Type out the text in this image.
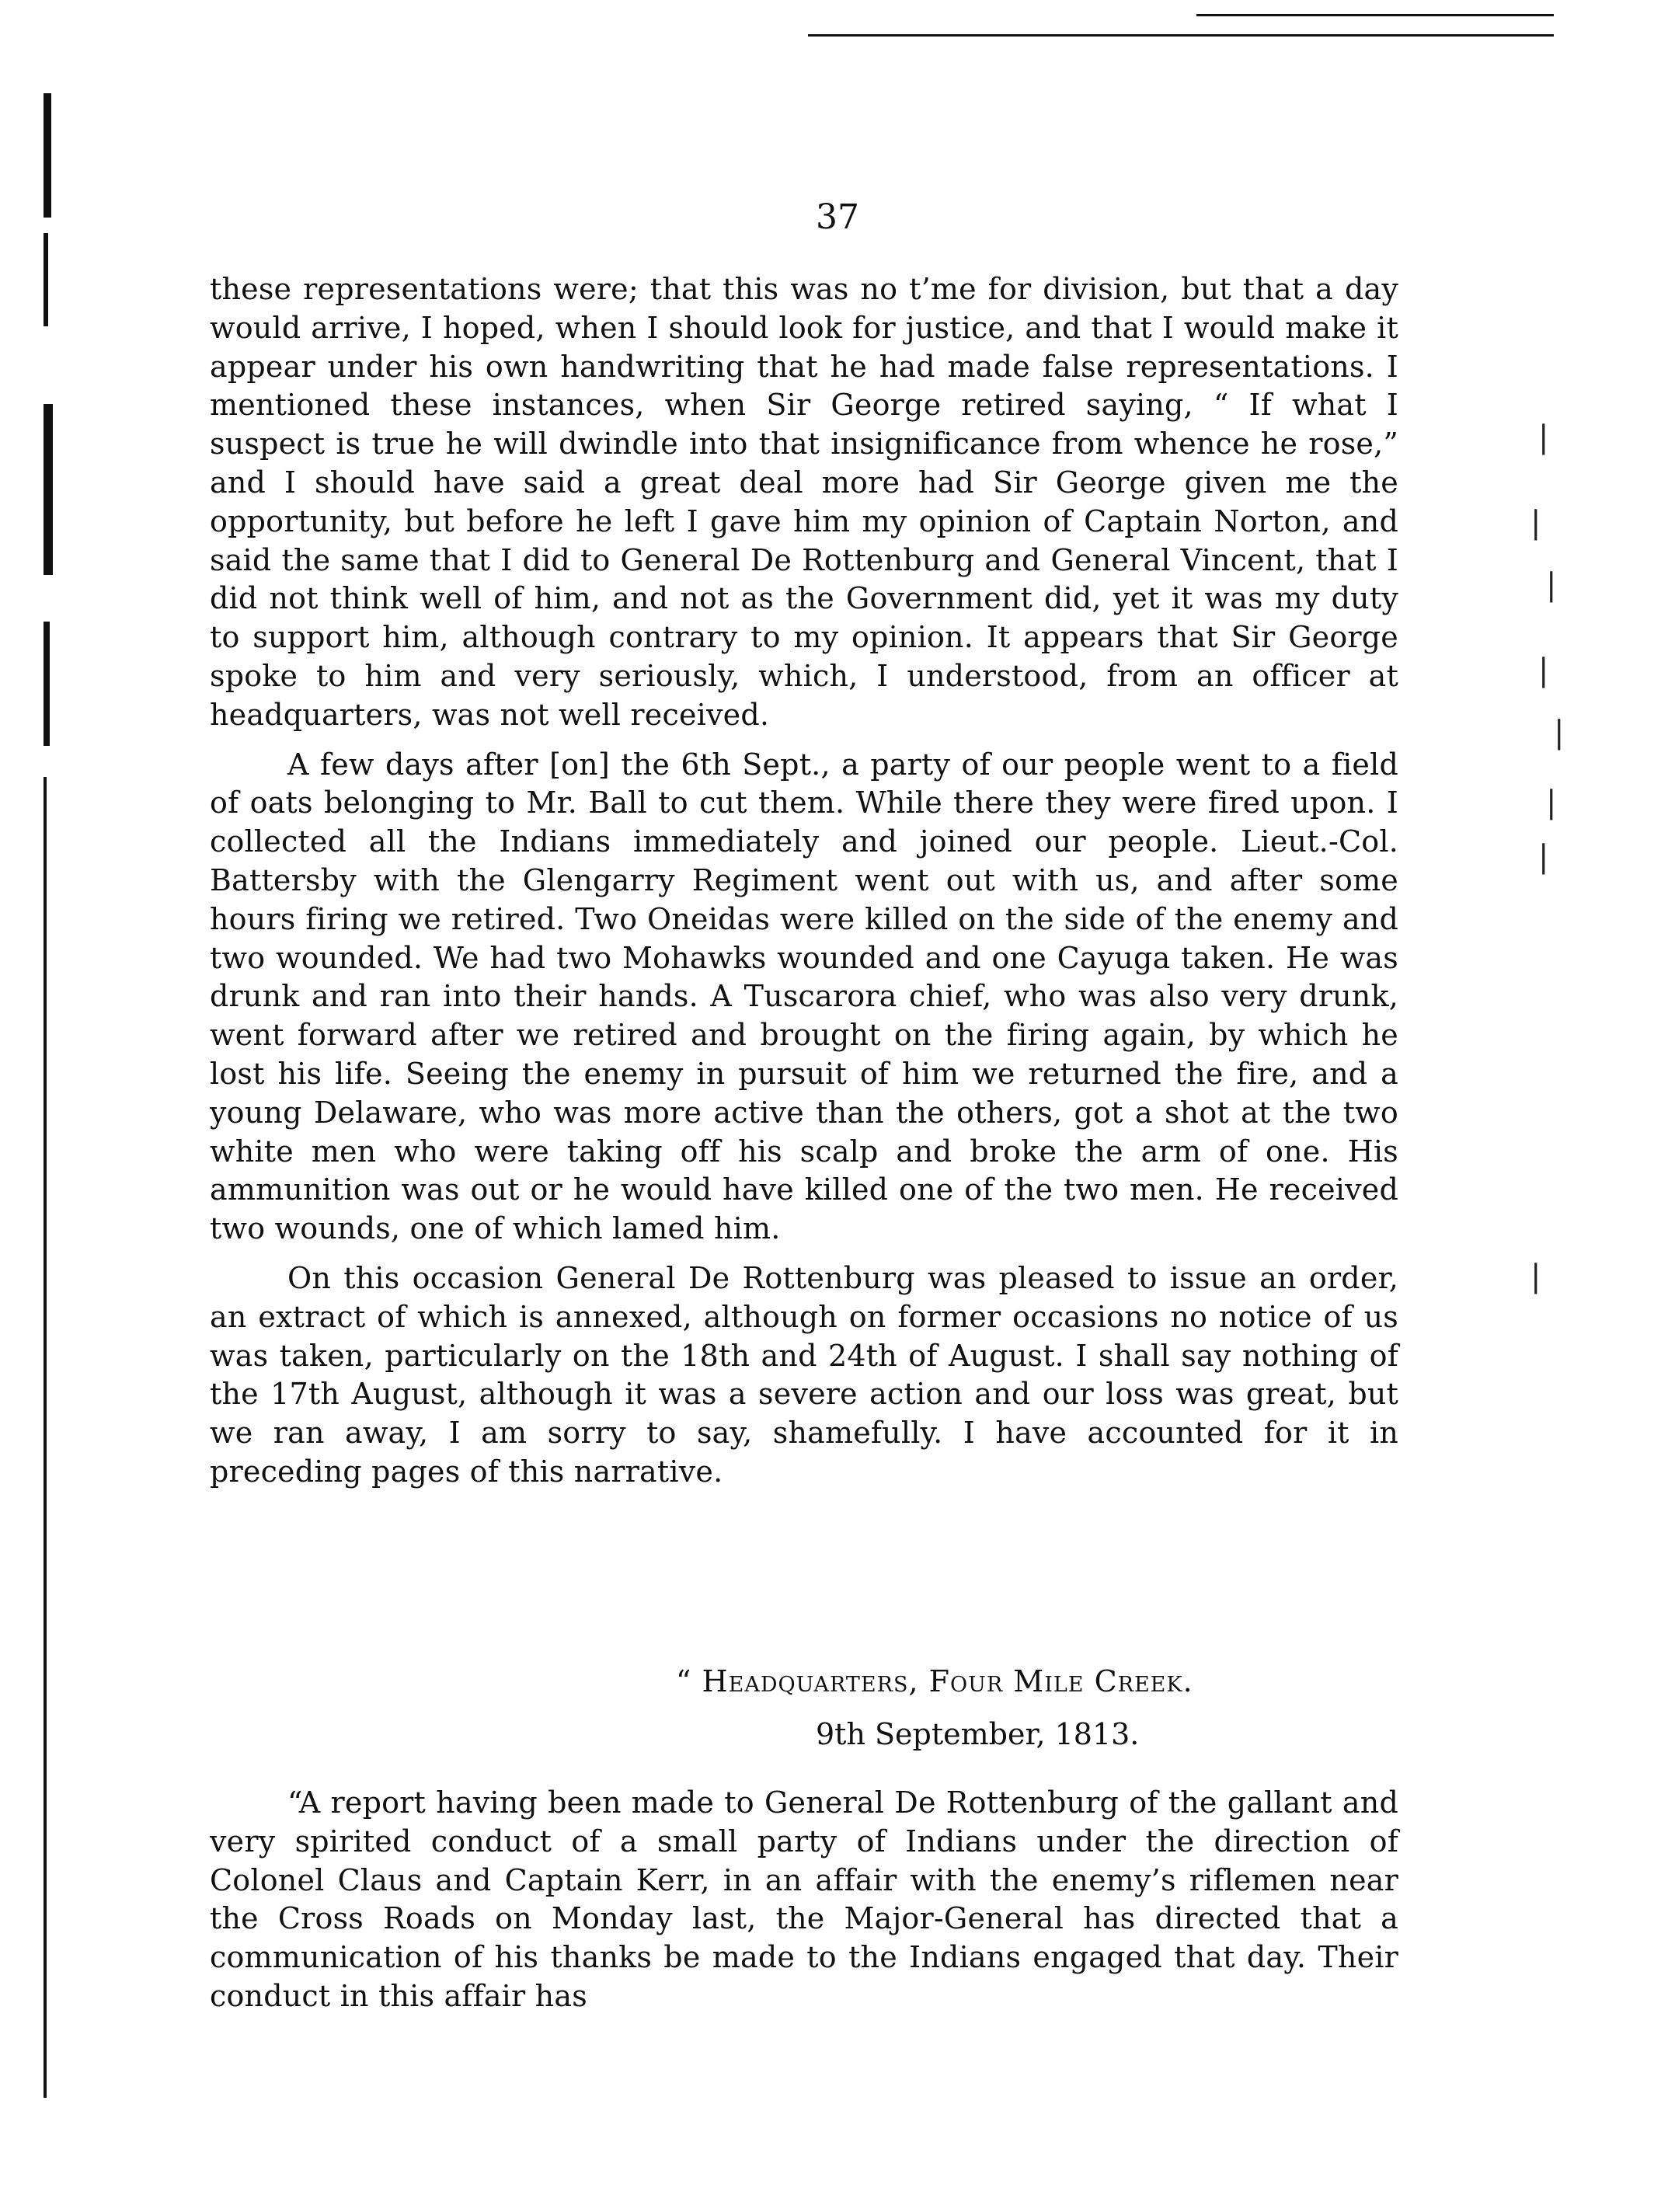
|
|
|
|
|
|
|
|
37

these representations were; that this was no t’me for division, but that a day would arrive, I hoped, when I should look for justice, and that I would make it appear under his own handwriting that he had made false representations. I mentioned these instances, when Sir George retired saying, “ If what I suspect is true he will dwindle into that insignificance from whence he rose,” and I should have said a great deal more had Sir George given me the opportunity, but before he left I gave him my opinion of Captain Norton, and said the same that I did to General De Rottenburg and General Vincent, that I did not think well of him, and not as the Government did, yet it was my duty to support him, although contrary to my opinion. It appears that Sir George spoke to him and very seriously, which, I understood, from an officer at headquarters, was not well received.

A few days after [on] the 6th Sept., a party of our people went to a field of oats belonging to Mr. Ball to cut them. While there they were fired upon. I collected all the Indians immediately and joined our people. Lieut.-Col. Battersby with the Glengarry Regiment went out with us, and after some hours firing we retired. Two Oneidas were killed on the side of the enemy and two wounded. We had two Mohawks wounded and one Cayuga taken. He was drunk and ran into their hands. A Tuscarora chief, who was also very drunk, went forward after we retired and brought on the firing again, by which he lost his life. Seeing the enemy in pursuit of him we returned the fire, and a young Delaware, who was more active than the others, got a shot at the two white men who were taking off his scalp and broke the arm of one. His ammunition was out or he would have killed one of the two men. He received two wounds, one of which lamed him.

On this occasion General De Rottenburg was pleased to issue an order, an extract of which is annexed, although on former occasions no notice of us was taken, particularly on the 18th and 24th of August. I shall say nothing of the 17th August, although it was a severe action and our loss was great, but we ran away, I am sorry to say, shamefully. I have accounted for it in preceding pages of this narrative.

“ Headquarters, Four Mile Creek.
9th September, 1813.

“A report having been made to General De Rottenburg of the gallant and very spirited conduct of a small party of Indians under the direction of Colonel Claus and Captain Kerr, in an affair with the enemy’s riflemen near the Cross Roads on Monday last, the Major-General has directed that a communication of his thanks be made to the Indians engaged that day. Their conduct in this affair has
